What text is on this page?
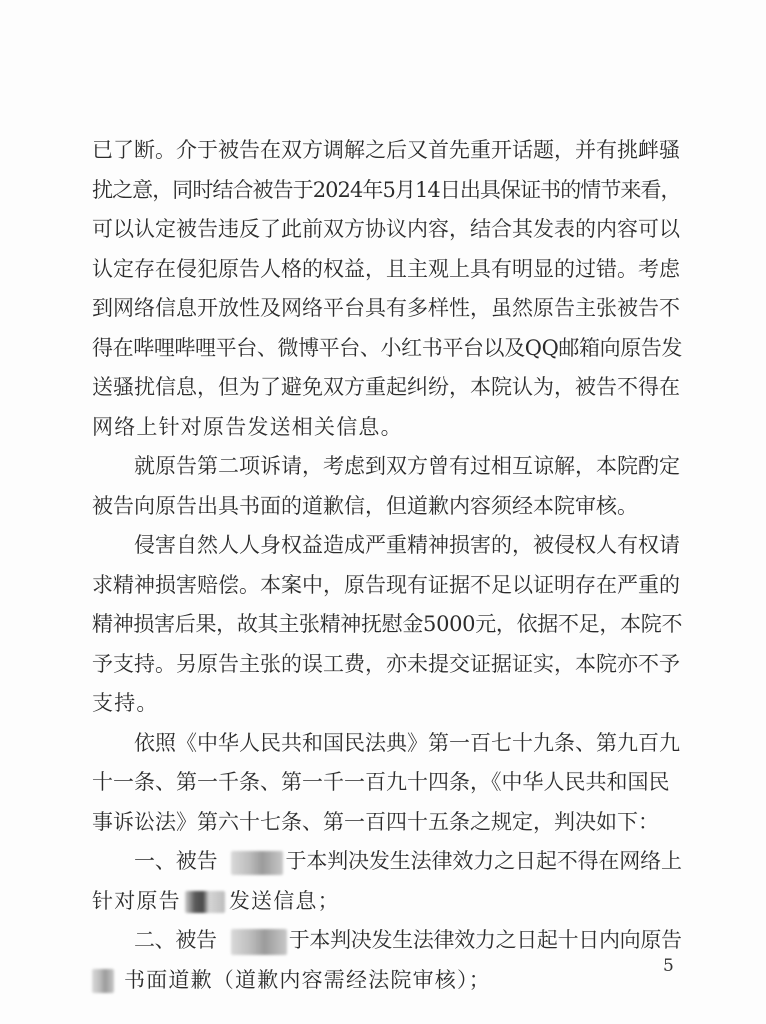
已了断。介于被告在双方调解之后又首先重开话题，并有挑衅骚
扰之意，同时结合被告于2024年5月14日出具保证书的情节来看，
可以认定被告违反了此前双方协议内容，结合其发表的内容可以
认定存在侵犯原告人格的权益，且主观上具有明显的过错。考虑
到网络信息开放性及网络平台具有多样性，虽然原告主张被告不
得在哔哩哔哩平台、微博平台、小红书平台以及QQ邮箱向原告发
送骚扰信息，但为了避免双方重起纠纷，本院认为，被告不得在
网络上针对原告发送相关信息。
就原告第二项诉请，考虑到双方曾有过相互谅解，本院酌定
被告向原告出具书面的道歉信，但道歉内容须经本院审核。
侵害自然人人身权益造成严重精神损害的，被侵权人有权请
求精神损害赔偿。本案中，原告现有证据不足以证明存在严重的
精神损害后果，故其主张精神抚慰金5000元，依据不足，本院不
予支持。另原告主张的误工费，亦未提交证据证实，本院亦不予
支持。
依照《中华人民共和国民法典》第一百七十九条、第九百九
十一条、第一千条、第一千一百九十四条，《中华人民共和国民
事诉讼法》第六十七条、第一百四十五条之规定，判决如下：
一、被告	于本判决发生法律效力之日起不得在网络上
针对原告 发送信息；
二、被告	于本判决发生法律效力之日起十日内向原告
书面道歉（道歉内容需经法院审核）；
5
